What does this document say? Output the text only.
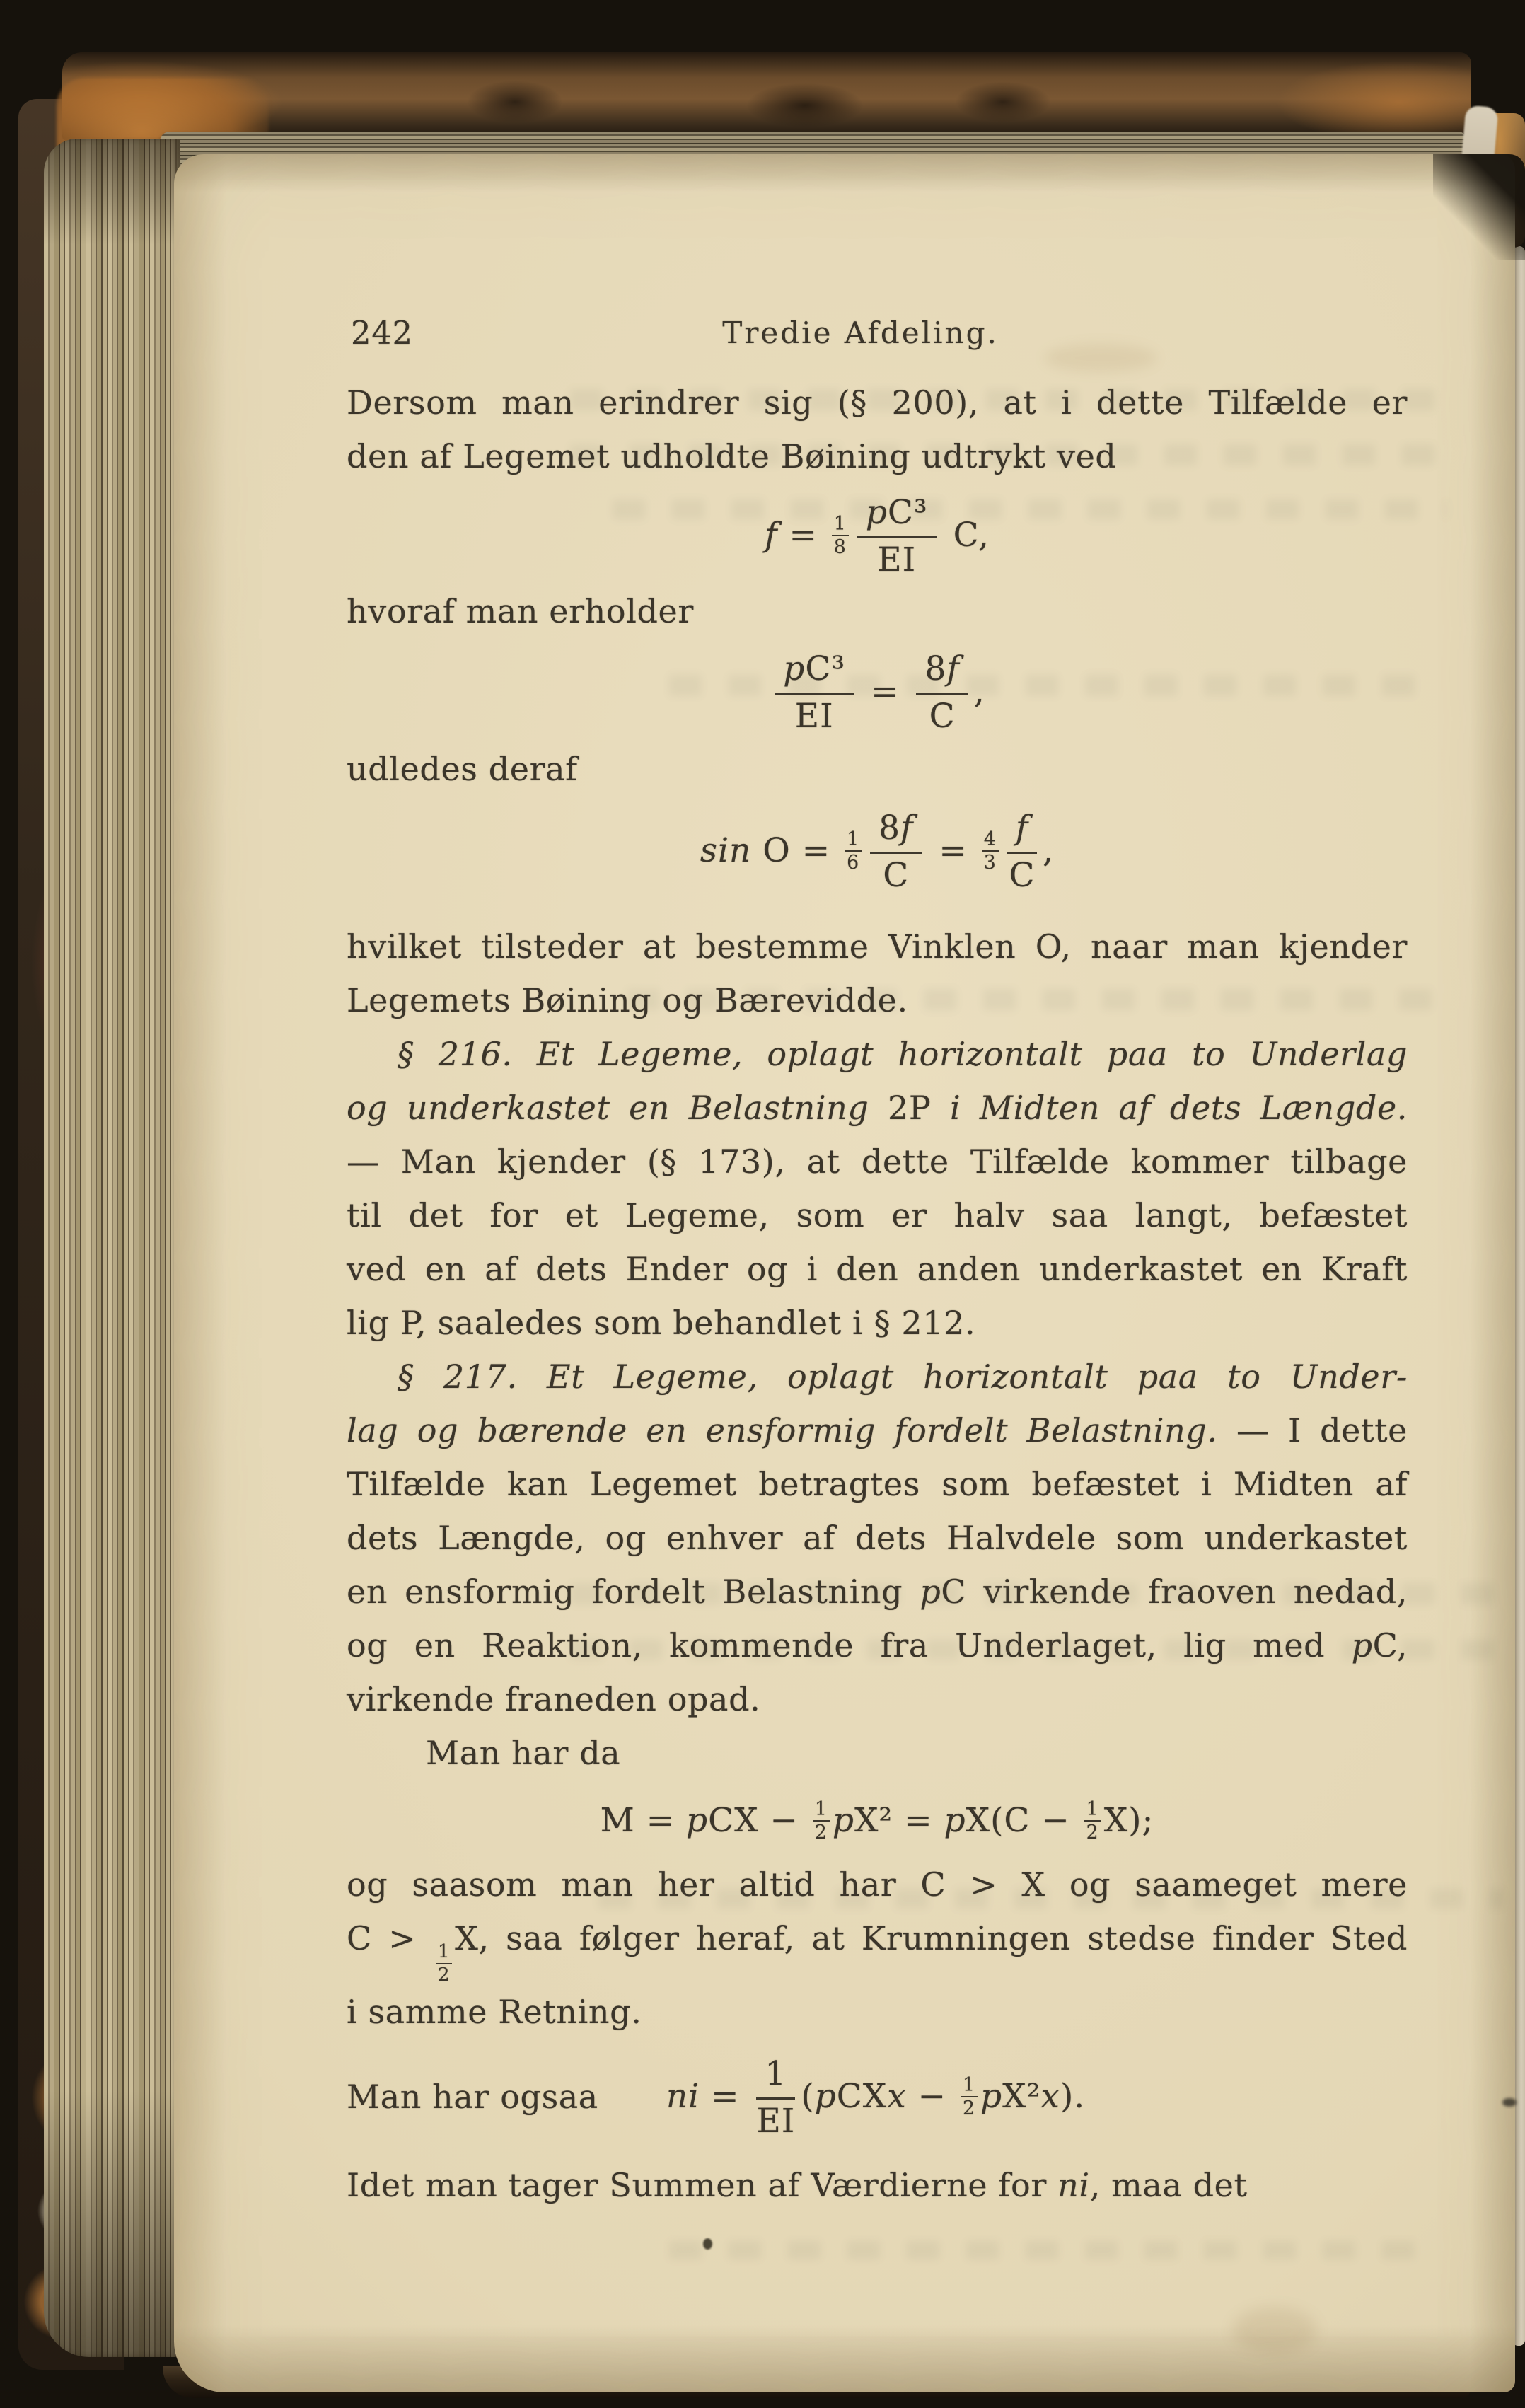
242	Tredie Afdeling.
Dersom man erindrer sig (§ 200), at i dette Tilfælde er
den af Legemet udholdte Bøining udtrykt ved
$f = \frac{1}{8} \frac{\text{p C³}}{EI} C$,
hvoraf man erholder
$\frac{\text{p C³}}{EI} = \frac{8 f}{C}$ ,
udledes deraf
$\sin O = \frac{1}{6} \frac{8 f}{C} = \frac{4}{3} \frac{f}{C}$ ,
hvilket tilsteder at bestemme Vinklen O, naar man kjender
Legemets Bøining og Bærevidde.
§ 216. Et Legeme, oplagt horizontalt paa to Underlag
og underkastet en Belastning 2P i Midten af dets Længde.
— Man kjender (§ 173), at dette Tilfælde kommer tilbage
til det for et Legeme, som er halv saa langt, befæstet
ved en af dets Ender og i den anden underkastet en Kraft
lig P, saaledes som behandlet i § 212.
§ 217. Et Legeme, oplagt horizontalt paa to Under-
lag og bærende en ensformig fordelt Belastning. — I dette
Tilfælde kan Legemet betragtes som befæstet i Midten af
dets Længde, og enhver af dets Halvdele som underkastet
en ensformig fordelt Belastning pC virkende fraoven nedad,
og en Reaktion, kommende fra Underlaget, lig med pC,
virkende franeden opad.
Man har da
M = p CX − $\frac{1}{2}$ p X² = p $X(C - \frac{1}{2} X)$;
og saasom man her altid har C > X og saameget mere
C >
$\frac{1}{2}$
X, saa følger heraf, at Krumningen stedse finder Sted
i samme Retning.
Man har ogsaa ni = $\frac{1}{EI}$ ( p CX $x - \frac{1}{2}$ p X² x ).
Idet man tager Summen af Værdierne for ni, maa det
